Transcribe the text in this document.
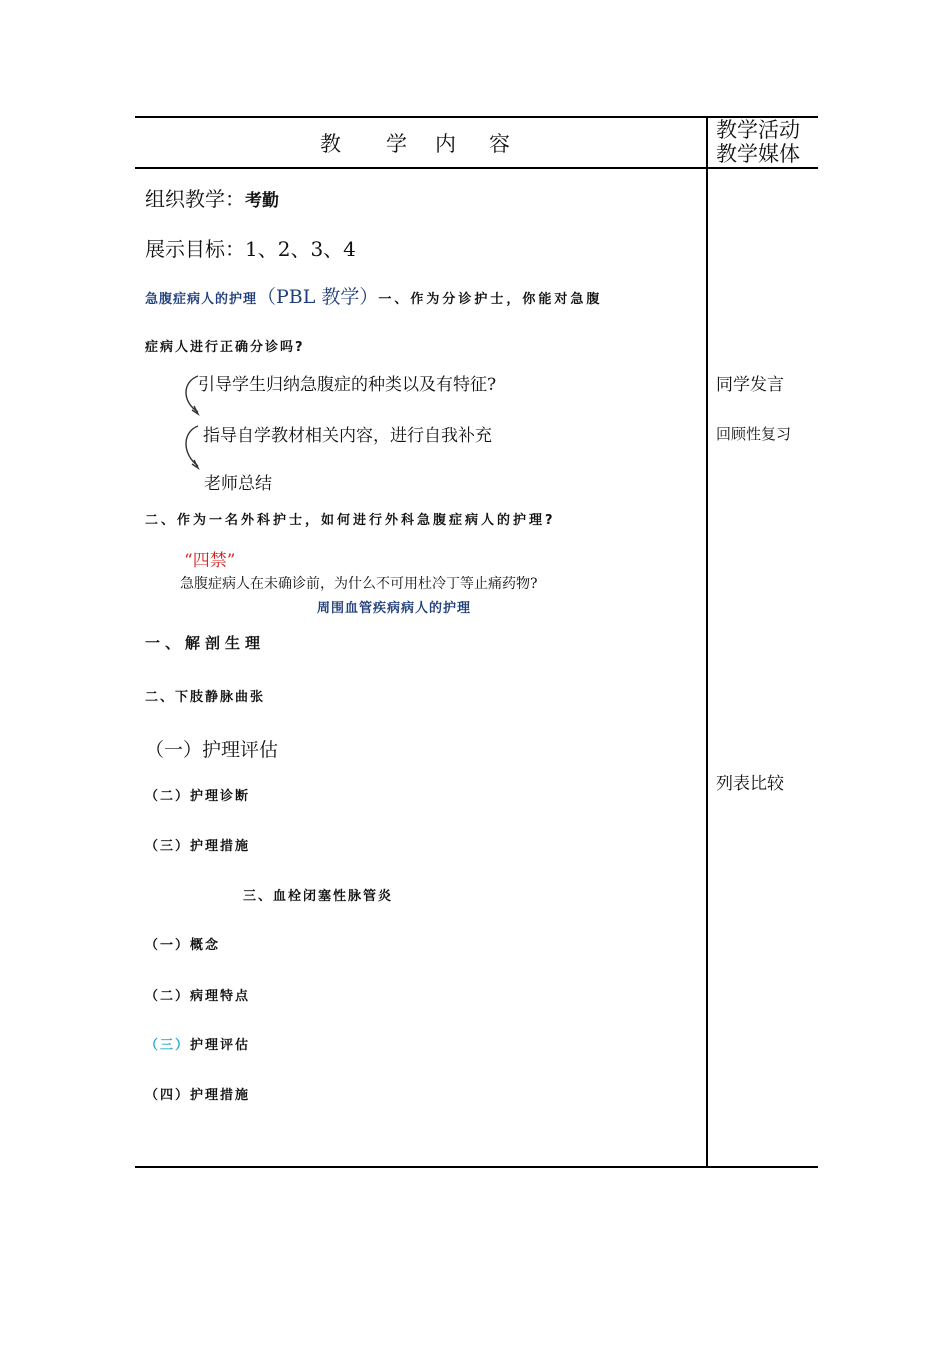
教 学 内 容
教学活动
教学媒体
组织教学：考勤
展示目标：1、2、3、4
急腹症病人的护理（PBL 教学）一、作为分诊护士，你能对急腹
症病人进行正确分诊吗?
引导学生归纳急腹症的种类以及有特征?
指导自学教材相关内容，进行自我补充
老师总结
二、作为一名外科护士，如何进行外科急腹症病人的护理?
“四禁”
急腹症病人在未确诊前，为什么不可用杜冷丁等止痛药物?
周围血管疾病病人的护理
一、解剖生理
二、下肢静脉曲张
（一）护理评估
（二）护理诊断
（三）护理措施
三、血栓闭塞性脉管炎
（一）概念
（二）病理特点
（三）护理评估
（四）护理措施
同学发言
回顾性复习
列表比较
